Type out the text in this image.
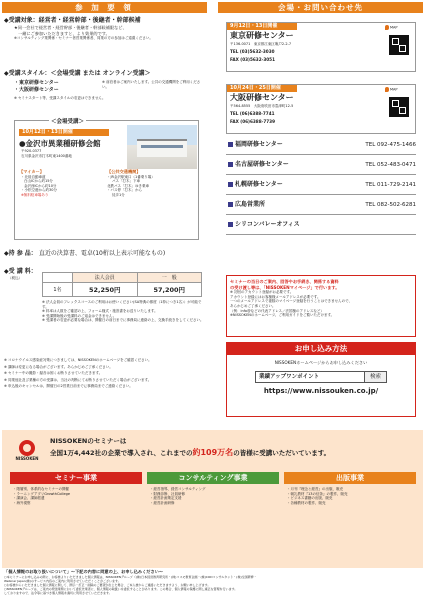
参 加 要 領
◆受講対象：経営者・経営幹部・後継者・幹部候補
★同一会社で経営者・経営幹部・後継者・幹部候補限など、
一緒にご参加いただきますと、より効果的です。
※コンサルティング業関係・セミナー者営業関係者、同業の方の参加はご遠慮ください。
◆受講スタイル：＜会場受講 または オンライン受講＞
・東京研修センター
・大阪研修センター
※ 前泊者はご案内いたします。公共の交通機関をご利用ください。
※ セミナスタート等、受講スタイルの変更はできません。
＜会場受講＞
10月12日・13日開催
●金沢市異業種研修会館
〒920-0377
石川県金沢市打木町東1400番地
【マイカー】
・北陸自動車道
白山ICから約15分
金沢西ICから約10分
・小松空港から約30分
※無料駐車場あり
【公共交通機関】
・JR金沢駅東口（1番乗り場）
バス「打木」下車
北鉄バス「打木」ゆき乗車
・バス停「打木」から
徒歩1分
◆持 参 品： 直近の決算書、電卓(10桁以上表示可能なもの)
◆受 講 料：
（税込）
		法人会員	一　般
1名	52,250円	57,200円
※ 法人会員のフレックスコースのご利用はお使いください(SA特典の都度（1枠につき1名））が可能です。
※ 料率は人数をご確認の上、フォーム様式・施設書をお送りいたします。
※ 受講開始後の受講料のご返金はできません。
※ 受講者の変更が必要な場合は、開催日の前日までに事務局に連絡の上、交換手続きをしてください。
※ コロナウイルス感染症対策につきましては、NISSOKENのホームページをご確認ください。
※ 講師は変更になる場合がございます。あらかじめご了承ください。
※ セミナー中の撮影・録音は固くお断りさせていただきます。
※ 同業他社及び業種の方の受講は、当社の判断にてお断りさせていただく場合がございます。
※ 申込後のキャンセルは、開催日の2営業日前までに事務局までご連絡ください。
会場・お問い合わせ先
9月12日・13日開催
東京研修センター
〒136-0071　東京都江東区亀戸2-2-7
TEL (03)5632-3030
FAX (03)5632-3051
MAP
10月24日・25日開催
大阪研修センター
〒564-8555　大阪府吹田市豊津町12-5
TEL (06)6388-7741
FAX (06)6388-7739
MAP
福岡研修センター	TEL 092-475-1466
名古屋研修センター	TEL 052-483-0471
札幌研修センター	TEL 011-729-2141
広島営業所	TEL 082-502-6281
シリコンバレーオフィス
セミナーの当日のご案内、回答やお手続き、関係する資料
の受け渡し等は、「NISSOKENマイページ」で行います。
※ 初回のアカウント登録がお必要です。
アカウント登録にはお客様様メールアドレスが必要です。
一つのメールアドレスで複数のマイページ登録を行うことはできませんので、
あらかじめご了承ください。
（例：info@などの代表アドレス／法国様のアドレスなど）
※NISSOKENのホームページ、ご利用ガイドをご覧いただけます。
お申し込み方法
NISSOKENホームページからお申し込みください
業績アップワンポイント	検索
https://www.nissouken.co.jp/
NISSOKEN
NISSOKENのセミナーは
全国1万4,442社の企業で導入され、これまでの約109万名の皆様に受講いただいています。
セミナー事業
・階層別、体系的なセミナーの開催
・ラーニングアプリGrowthCollege
・講演会、講師派遣
・海外視察
コンサルティング事業
・経営指導、経営コンサルティング
・財務診断、社員研修
・経営計画策定支援
・経営計画研修
出版事業
・月刊『理念と経営』の出版、販売
・朝礼教材『13の信条』の製作、販売
・ビジネス書籍の出版、販売
・各種教材の製作、販売
「個人情報のお取り扱いについて」～下記の内容に同意の上、お申し込みください～
○本セミナーにお申し込みの際に、お客様よりいただきました個人情報は、NISSOKENグループ（(株)日本経営教育研究所・(株)コスモ教育企画・(株)CODコンサルタント・(株)全国研修・
Webinar Japan(株)のサービス内容のご案内に利用させていただくことがございます。
○お客様からいただきました個人情報に関して、開示・訂正・削除のご要望が生じた場合、ご本人様からご連絡いただきますよう、お願い申し上げます。
○NISSOKENグループは、ご案内の発送業務において委託先業者に、個人情報の取扱いを委託することがあります。この場合、個人情報の保護に関し適正な管理を行います。
しておりますので、法令等に基づき個人情報を適切に利用させていただきます。
